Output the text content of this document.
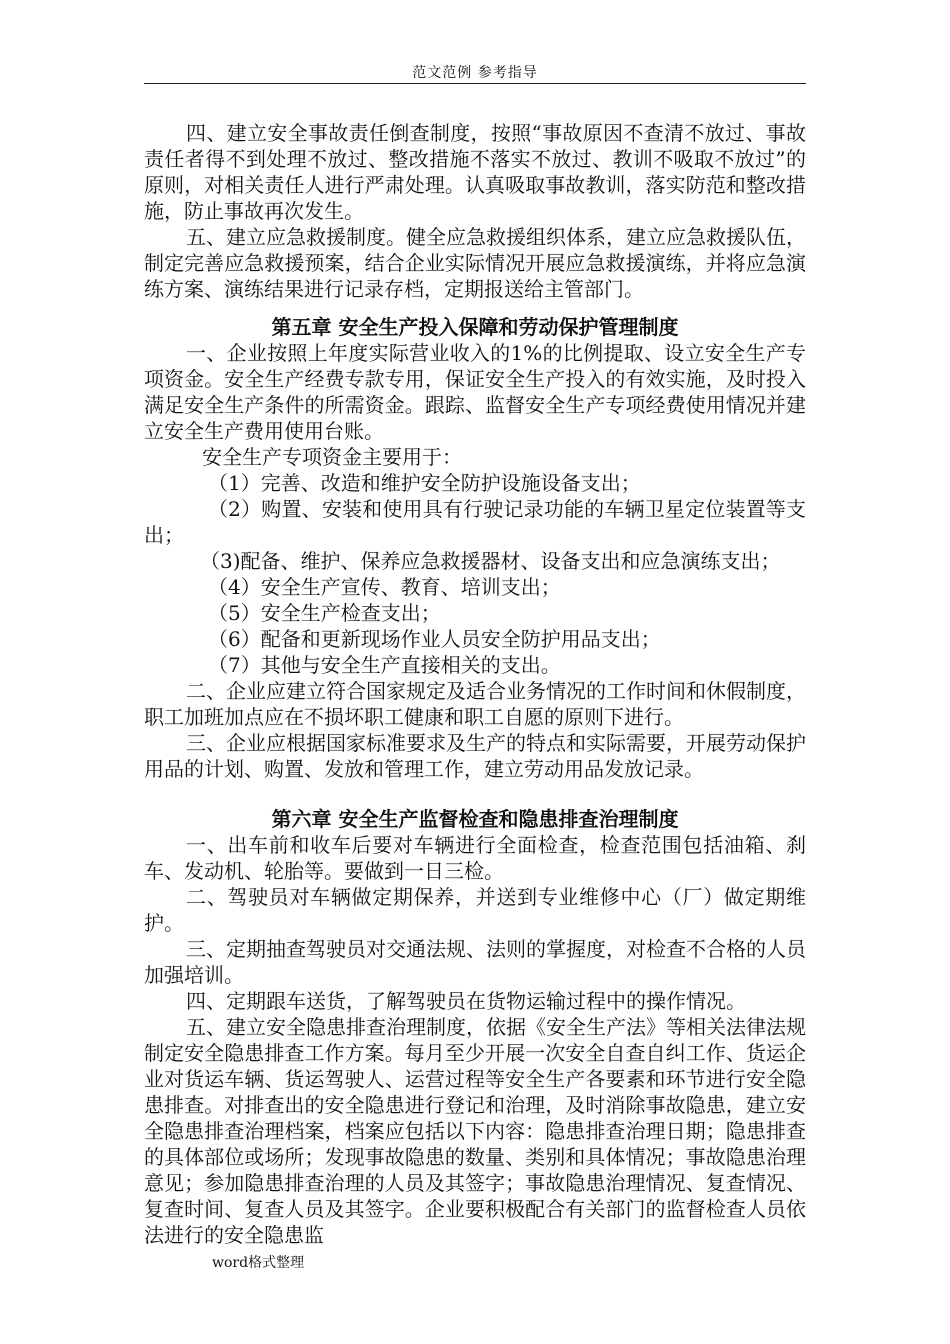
范文范例 参考指导

四、建立安全事故责任倒查制度，按照“事故原因不查清不放过、事故责任者得不到处理不放过、整改措施不落实不放过、教训不吸取不放过”的原则，对相关责任人进行严肃处理。认真吸取事故教训，落实防范和整改措施，防止事故再次发生。

五、建立应急救援制度。健全应急救援组织体系，建立应急救援队伍，制定完善应急救援预案，结合企业实际情况开展应急救援演练，并将应急演练方案、演练结果进行记录存档，定期报送给主管部门。

第五章 安全生产投入保障和劳动保护管理制度

一、企业按照上年度实际营业收入的1%的比例提取、设立安全生产专项资金。安全生产经费专款专用，保证安全生产投入的有效实施，及时投入满足安全生产条件的所需资金。跟踪、监督安全生产专项经费使用情况并建立安全生产费用使用台账。

安全生产专项资金主要用于：

（1）完善、改造和维护安全防护设施设备支出；

（2）购置、安装和使用具有行驶记录功能的车辆卫星定位装置等支出；

（3)配备、维护、保养应急救援器材、设备支出和应急演练支出；

（4）安全生产宣传、教育、培训支出；

（5）安全生产检查支出；

（6）配备和更新现场作业人员安全防护用品支出；

（7）其他与安全生产直接相关的支出。

二、企业应建立符合国家规定及适合业务情况的工作时间和休假制度，职工加班加点应在不损坏职工健康和职工自愿的原则下进行。

三、企业应根据国家标准要求及生产的特点和实际需要，开展劳动保护用品的计划、购置、发放和管理工作，建立劳动用品发放记录。

第六章 安全生产监督检查和隐患排查治理制度

一、出车前和收车后要对车辆进行全面检查，检查范围包括油箱、刹车、发动机、轮胎等。要做到一日三检。

二、驾驶员对车辆做定期保养，并送到专业维修中心（厂）做定期维护。

三、定期抽查驾驶员对交通法规、法则的掌握度，对检查不合格的人员加强培训。

四、定期跟车送货，了解驾驶员在货物运输过程中的操作情况。

五、建立安全隐患排查治理制度，依据《安全生产法》等相关法律法规制定安全隐患排查工作方案。每月至少开展一次安全自查自纠工作、货运企业对货运车辆、货运驾驶人、运营过程等安全生产各要素和环节进行安全隐患排查。对排查出的安全隐患进行登记和治理，及时消除事故隐患，建立安全隐患排查治理档案，档案应包括以下内容：隐患排查治理日期；隐患排查的具体部位或场所；发现事故隐患的数量、类别和具体情况；事故隐患治理意见；参加隐患排查治理的人员及其签字；事故隐患治理情况、复查情况、复查时间、复查人员及其签字。企业要积极配合有关部门的监督检查人员依法进行的安全隐患监

word格式整理
